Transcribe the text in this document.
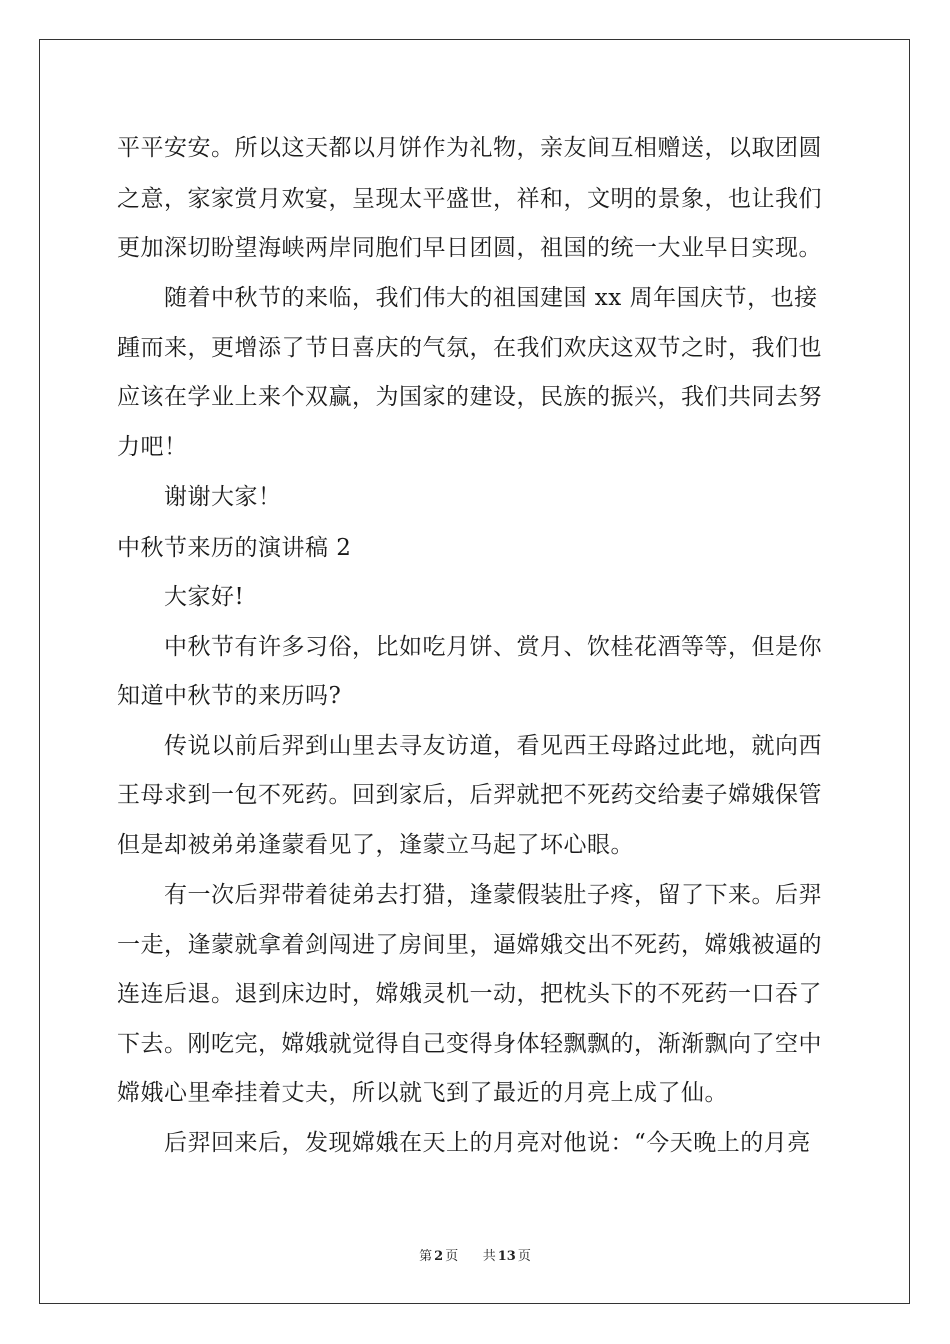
平平安安。所以这天都以月饼作为礼物，亲友间互相赠送，以取团圆
之意，家家赏月欢宴，呈现太平盛世，祥和，文明的景象，也让我们
更加深切盼望海峡两岸同胞们早日团圆，祖国的统一大业早日实现。
随着中秋节的来临，我们伟大的祖国建国 xx 周年国庆节，也接
踵而来，更增添了节日喜庆的气氛，在我们欢庆这双节之时，我们也
应该在学业上来个双赢，为国家的建设，民族的振兴，我们共同去努
力吧！
谢谢大家！
中秋节来历的演讲稿 2
大家好!
中秋节有许多习俗，比如吃月饼、赏月、饮桂花酒等等，但是你
知道中秋节的来历吗?
传说以前后羿到山里去寻友访道，看见西王母路过此地，就向西
王母求到一包不死药。回到家后，后羿就把不死药交给妻子嫦娥保管
但是却被弟弟逢蒙看见了，逢蒙立马起了坏心眼。
有一次后羿带着徒弟去打猎，逢蒙假装肚子疼，留了下来。后羿
一走，逢蒙就拿着剑闯进了房间里，逼嫦娥交出不死药，嫦娥被逼的
连连后退。退到床边时，嫦娥灵机一动，把枕头下的不死药一口吞了
下去。刚吃完，嫦娥就觉得自己变得身体轻飘飘的，渐渐飘向了空中
嫦娥心里牵挂着丈夫，所以就飞到了最近的月亮上成了仙。
后羿回来后，发现嫦娥在天上的月亮对他说：“今天晚上的月亮
第 2 页 共 13 页
